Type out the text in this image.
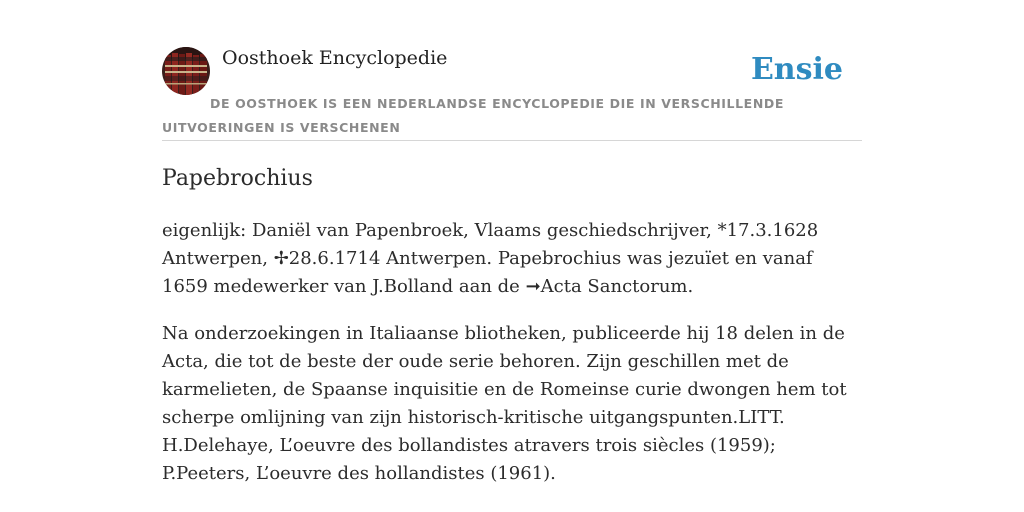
Oosthoek Encyclopedie	Ensie
DE OOSTHOEK IS EEN NEDERLANDSE ENCYCLOPEDIE DIE IN VERSCHILLENDE UITVOERINGEN IS VERSCHENEN
Papebrochius

eigenlijk: Daniël van Papenbroek, Vlaams geschiedschrijver, *17.3.1628 Antwerpen, ✢28.6.1714 Antwerpen. Papebrochius was jezuïet en vanaf 1659 medewerker van J.Bolland aan de ➞Acta Sanctorum.

Na onderzoekingen in Italiaanse bliotheken, publiceerde hij 18 delen in de Acta, die tot de beste der oude serie behoren. Zijn geschillen met de karmelieten, de Spaanse inquisitie en de Romeinse curie dwongen hem tot scherpe omlijning van zijn historisch-kritische uitgangspunten.LITT. H.Delehaye, L’oeuvre des bollandistes atravers trois siècles (1959); P.Peeters, L’oeuvre des hollandistes (1961).
